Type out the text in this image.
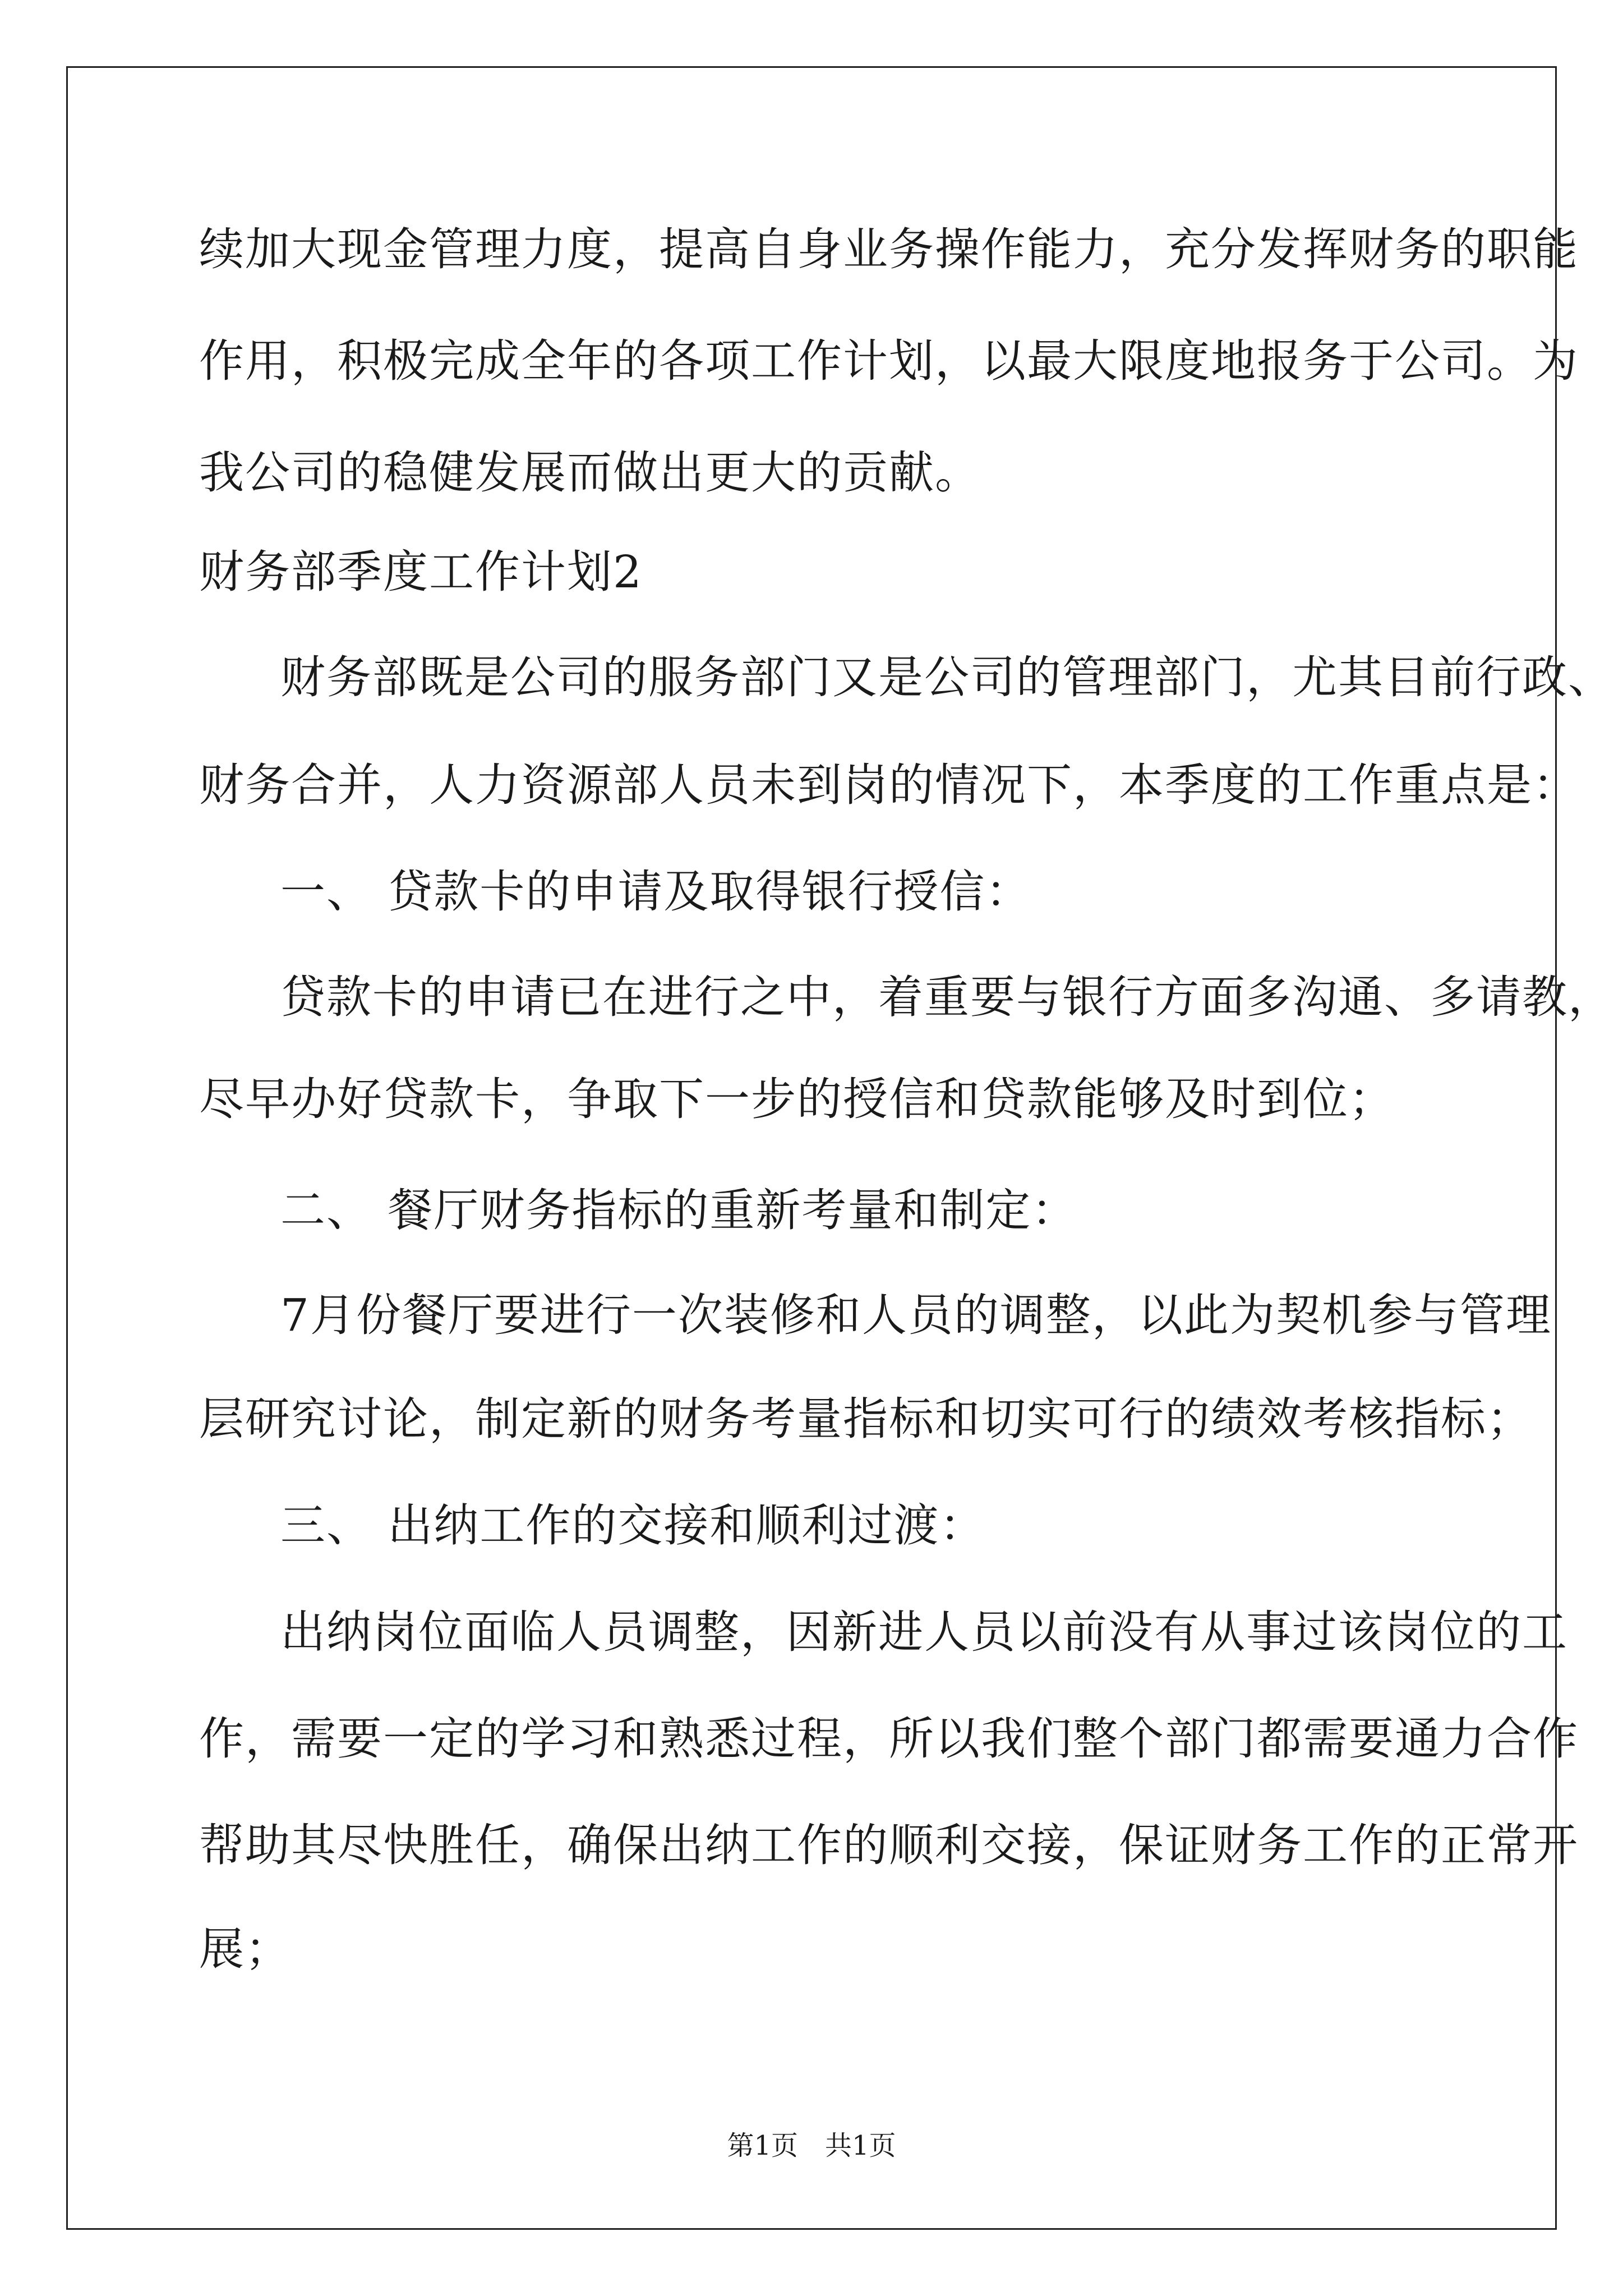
续加大现金管理力度，提高自身业务操作能力，充分发挥财务的职能
作用，积极完成全年的各项工作计划，以最大限度地报务于公司。为
我公司的稳健发展而做出更大的贡献。
财务部季度工作计划2
财务部既是公司的服务部门又是公司的管理部门，尤其目前行政、
财务合并，人力资源部人员未到岗的情况下，本季度的工作重点是：
一、 贷款卡的申请及取得银行授信：
贷款卡的申请已在进行之中，着重要与银行方面多沟通、多请教，
尽早办好贷款卡，争取下一步的授信和贷款能够及时到位；
二、 餐厅财务指标的重新考量和制定：
7月份餐厅要进行一次装修和人员的调整，以此为契机参与管理
层研究讨论，制定新的财务考量指标和切实可行的绩效考核指标；
三、 出纳工作的交接和顺利过渡：
出纳岗位面临人员调整，因新进人员以前没有从事过该岗位的工
作，需要一定的学习和熟悉过程，所以我们整个部门都需要通力合作
帮助其尽快胜任，确保出纳工作的顺利交接，保证财务工作的正常开
展；
第1页 共1页
